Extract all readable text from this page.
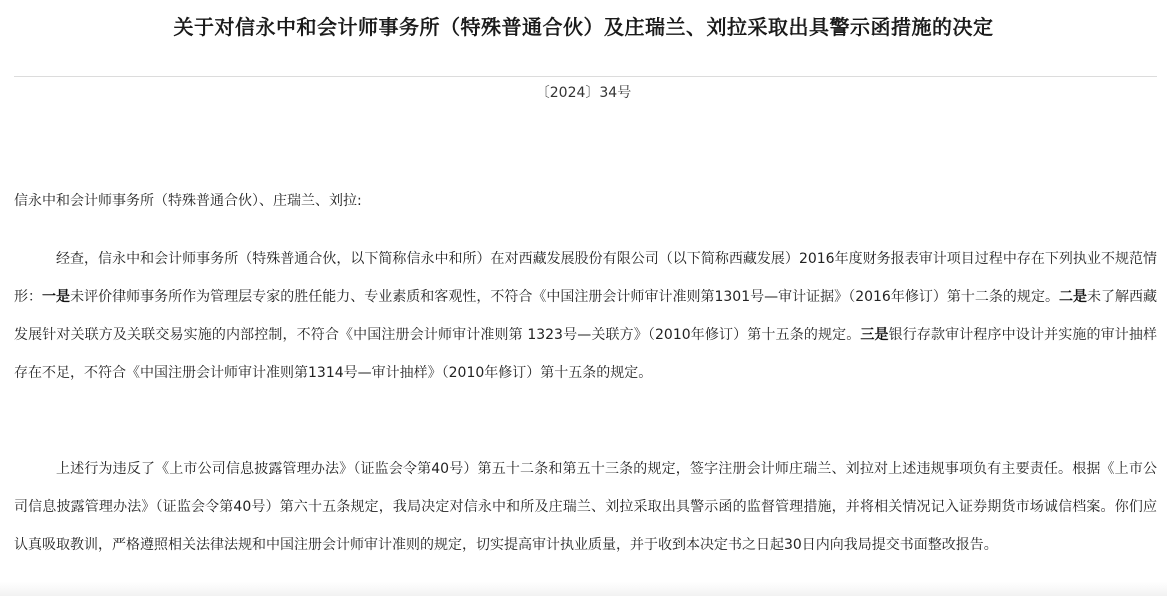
关于对信永中和会计师事务所（特殊普通合伙）及庄瑞兰、刘拉采取出具警示函措施的决定
〔2024〕34号
信永中和会计师事务所（特殊普通合伙）、庄瑞兰、刘拉:

经查，信永中和会计师事务所（特殊普通合伙，以下简称信永中和所）在对西藏发展股份有限公司（以下简称西藏发展）2016年度财务报表审计项目过程中存在下列执业不规范情形：一是未评价律师事务所作为管理层专家的胜任能力、专业素质和客观性，不符合《中国注册会计师审计准则第1301号—审计证据》（2016年修订）第十二条的规定。二是未了解西藏发展针对关联方及关联交易实施的内部控制，不符合《中国注册会计师审计准则第 1323号—关联方》（2010年修订）第十五条的规定。三是银行存款审计程序中设计并实施的审计抽样存在不足，不符合《中国注册会计师审计准则第1314号—审计抽样》（2010年修订）第十五条的规定。

上述行为违反了《上市公司信息披露管理办法》（证监会令第40号）第五十二条和第五十三条的规定，签字注册会计师庄瑞兰、刘拉对上述违规事项负有主要责任。根据《上市公司信息披露管理办法》（证监会令第40号）第六十五条规定，我局决定对信永中和所及庄瑞兰、刘拉采取出具警示函的监督管理措施，并将相关情况记入证券期货市场诚信档案。你们应认真吸取教训，严格遵照相关法律法规和中国注册会计师审计准则的规定，切实提高审计执业质量，并于收到本决定书之日起30日内向我局提交书面整改报告。
